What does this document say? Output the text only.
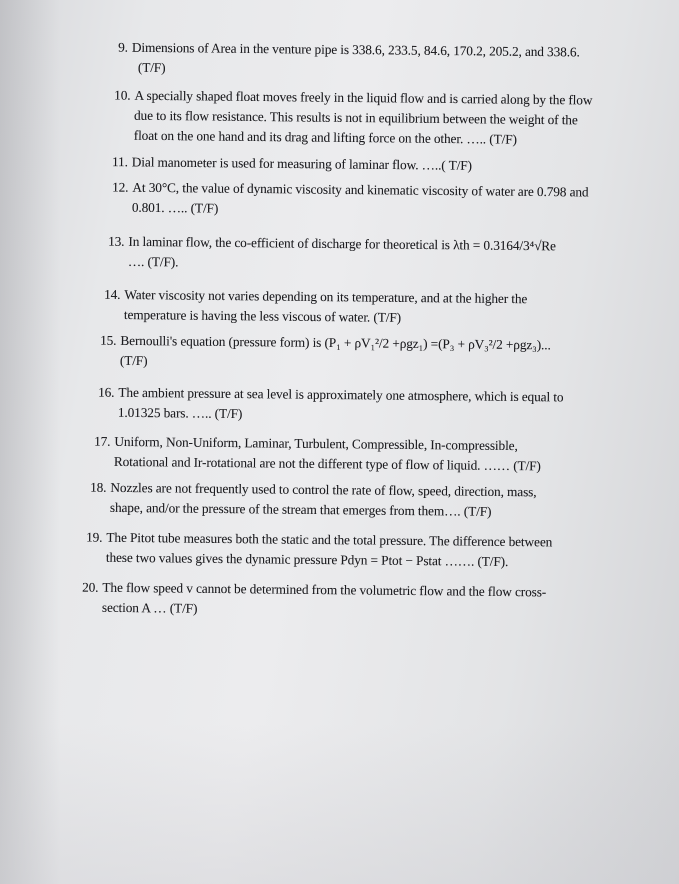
9. Dimensions of Area in the venture pipe is 338.6, 233.5, 84.6, 170.2, 205.2, and 338.6.
(T/F)
10. A specially shaped float moves freely in the liquid flow and is carried along by the flow
due to its flow resistance. This results is not in equilibrium between the weight of the
float on the one hand and its drag and lifting force on the other. ….. (T/F)
11. Dial manometer is used for measuring of laminar flow. …..( T/F)
12. At 30°C, the value of dynamic viscosity and kinematic viscosity of water are 0.798 and
0.801. ….. (T/F)
13. In laminar flow, the co-efficient of discharge for theoretical is λth = 0.3164/3⁴√Re
…. (T/F).
14. Water viscosity not varies depending on its temperature, and at the higher the
temperature is having the less viscous of water. (T/F)
15. Bernoulli's equation (pressure form) is (P₁ + ρV₁²/2 +ρgz₁) =(P₃ + ρV₃²/2 +ρgz₃)...
(T/F)
16. The ambient pressure at sea level is approximately one atmosphere, which is equal to
1.01325 bars. ….. (T/F)
17. Uniform, Non-Uniform, Laminar, Turbulent, Compressible, In-compressible,
Rotational and Ir-rotational are not the different type of flow of liquid. …… (T/F)
18. Nozzles are not frequently used to control the rate of flow, speed, direction, mass,
shape, and/or the pressure of the stream that emerges from them…. (T/F)
19. The Pitot tube measures both the static and the total pressure. The difference between
these two values gives the dynamic pressure Pdyn = Ptot − Pstat ……. (T/F).
20. The flow speed v cannot be determined from the volumetric flow and the flow cross-
section A … (T/F)
